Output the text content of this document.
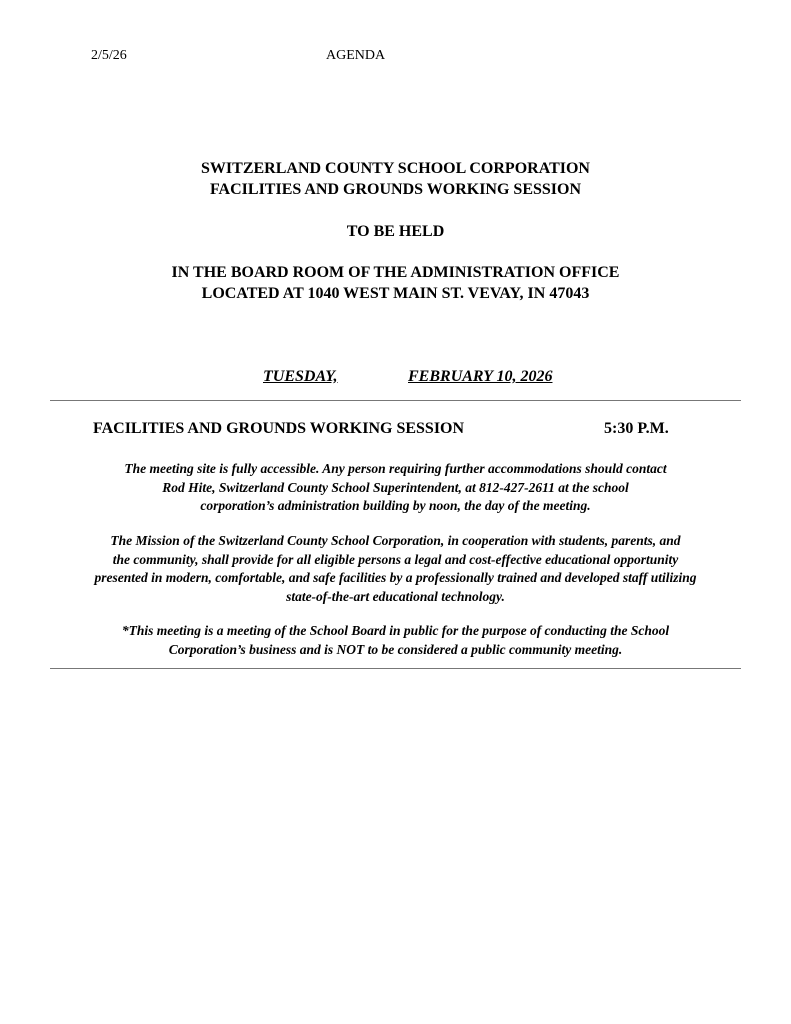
2/5/26	AGENDA
SWITZERLAND COUNTY SCHOOL CORPORATION
FACILITIES AND GROUNDS WORKING SESSION
TO BE HELD
IN THE BOARD ROOM OF THE ADMINISTRATION OFFICE
LOCATED AT 1040 WEST MAIN ST. VEVAY, IN 47043
TUESDAY,	FEBRUARY 10, 2026
FACILITIES AND GROUNDS WORKING SESSION	5:30 P.M.
The meeting site is fully accessible. Any person requiring further accommodations should contact
Rod Hite, Switzerland County School Superintendent, at 812-427-2611 at the school
corporation’s administration building by noon, the day of the meeting.
The Mission of the Switzerland County School Corporation, in cooperation with students, parents, and
the community, shall provide for all eligible persons a legal and cost-effective educational opportunity
presented in modern, comfortable, and safe facilities by a professionally trained and developed staff utilizing
state-of-the-art educational technology.
*This meeting is a meeting of the School Board in public for the purpose of conducting the School
Corporation’s business and is NOT to be considered a public community meeting.
